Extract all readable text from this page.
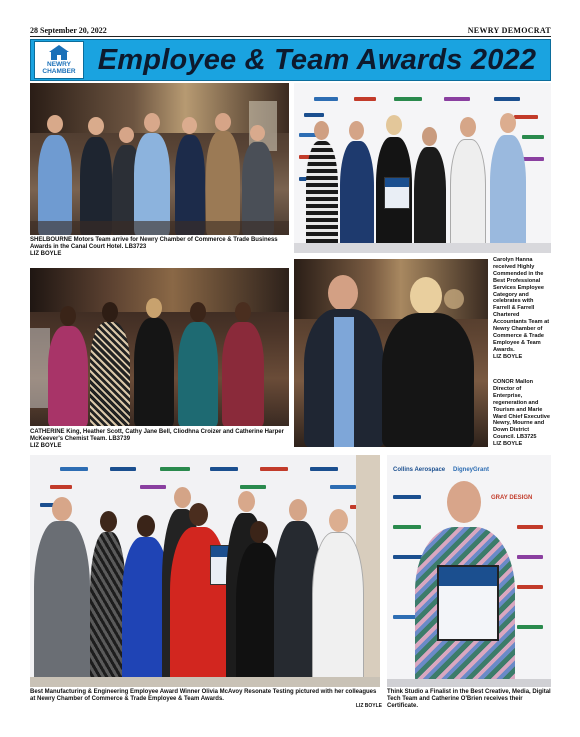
28 September 20, 2022	NEWRY DEMOCRAT
NEWRY
CHAMBER Employee & Team Awards 2022
SHELBOURNE Motors Team arrive for Newry Chamber of Commerce & Trade Business Awards in the Canal Court Hotel. LB3723
LIZ BOYLE
Carolyn Hanna received Highly Commended in the Best Professional Services Employee Category and celebrates with Farrell & Farrell Chartered Accountants Team at Newry Chamber of Commerce & Trade Employee & Team Awards.
LIZ BOYLE
CATHERINE King, Heather Scott, Cathy Jane Bell, Cliodhna Croizer and Catherine Harper McKeever's Chemist Team. LB3739
LIZ BOYLE
CONOR Mallon Director of Enterprise, regeneration and Tourism and Marie Ward Chief Executive Newry, Mourne and Down District Council. LB3725
LIZ BOYLE
Best Manufacturing & Engineering Employee Award Winner Olivia McAvoy Resonate Testing pictured with her colleagues at Newry Chamber of Commerce & Trade Employee & Team Awards.
LIZ BOYLE
Collins Aerospace DigneyGrant
GRAY DESIGN
Think Studio a Finalist in the Best Creative, Media, Digital Tech Team and Catherine O'Brien receives their Certificate.
